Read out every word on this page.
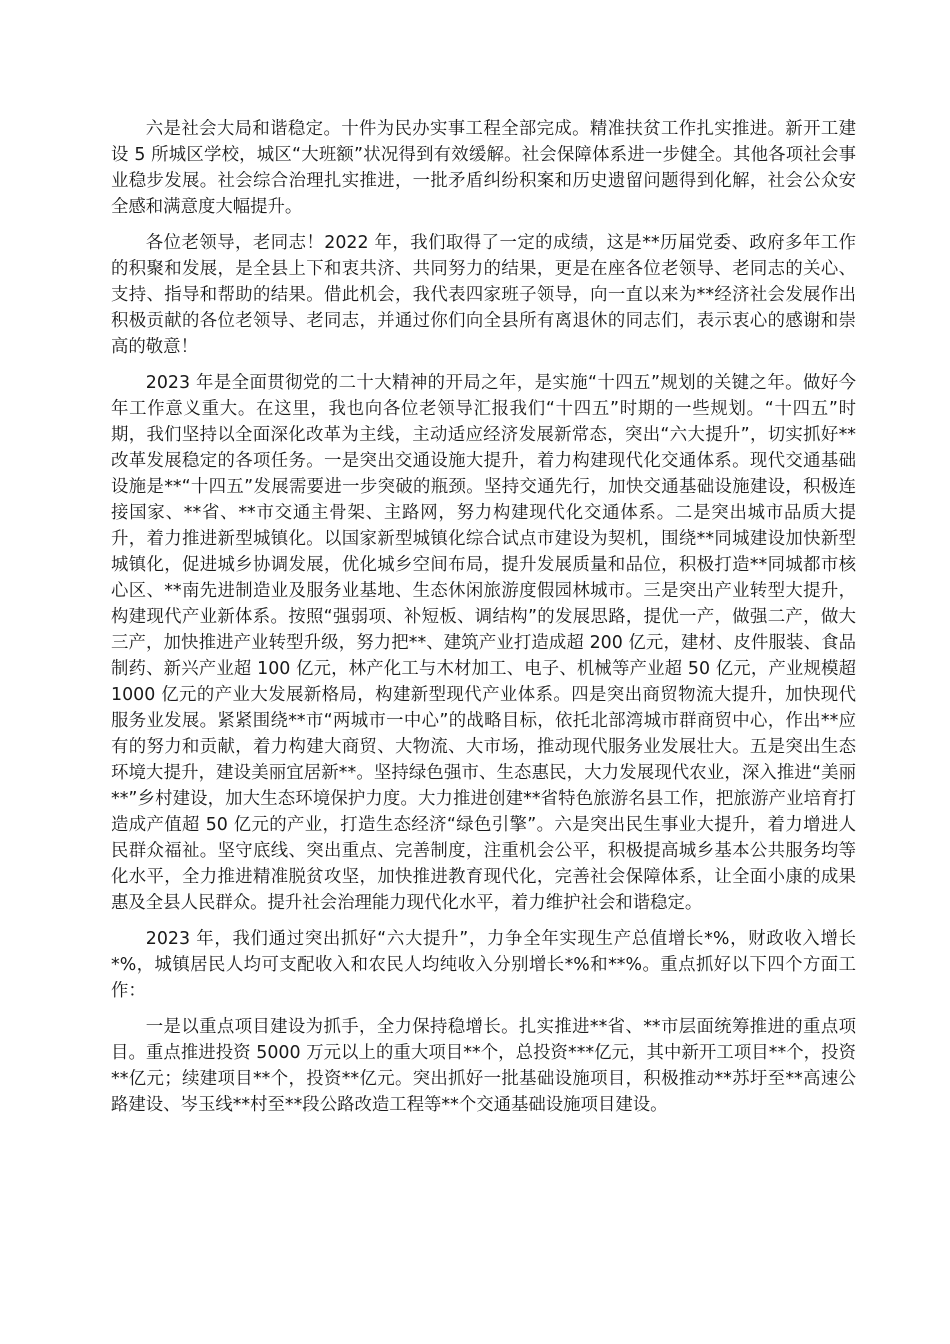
六是社会大局和谐稳定。十件为民办实事工程全部完成。精准扶贫工作扎实推进。新开工建设 5 所城区学校，城区“大班额”状况得到有效缓解。社会保障体系进一步健全。其他各项社会事业稳步发展。社会综合治理扎实推进，一批矛盾纠纷积案和历史遗留问题得到化解，社会公众安全感和满意度大幅提升。

各位老领导，老同志！2022 年，我们取得了一定的成绩，这是**历届党委、政府多年工作的积聚和发展，是全县上下和衷共济、共同努力的结果，更是在座各位老领导、老同志的关心、支持、指导和帮助的结果。借此机会，我代表四家班子领导，向一直以来为**经济社会发展作出积极贡献的各位老领导、老同志，并通过你们向全县所有离退休的同志们，表示衷心的感谢和崇高的敬意！

2023 年是全面贯彻党的二十大精神的开局之年，是实施“十四五”规划的关键之年。做好今年工作意义重大。在这里，我也向各位老领导汇报我们“十四五”时期的一些规划。“十四五”时期，我们坚持以全面深化改革为主线，主动适应经济发展新常态，突出“六大提升”，切实抓好**改革发展稳定的各项任务。一是突出交通设施大提升，着力构建现代化交通体系。现代交通基础设施是**“十四五”发展需要进一步突破的瓶颈。坚持交通先行，加快交通基础设施建设，积极连接国家、**省、**市交通主骨架、主路网，努力构建现代化交通体系。二是突出城市品质大提升，着力推进新型城镇化。以国家新型城镇化综合试点市建设为契机，围绕**同城建设加快新型城镇化，促进城乡协调发展，优化城乡空间布局，提升发展质量和品位，积极打造**同城都市核心区、**南先进制造业及服务业基地、生态休闲旅游度假园林城市。三是突出产业转型大提升，构建现代产业新体系。按照“强弱项、补短板、调结构”的发展思路，提优一产，做强二产，做大三产，加快推进产业转型升级，努力把**、建筑产业打造成超 200 亿元，建材、皮件服装、食品制药、新兴产业超 100 亿元，林产化工与木材加工、电子、机械等产业超 50 亿元，产业规模超 1000 亿元的产业大发展新格局，构建新型现代产业体系。四是突出商贸物流大提升，加快现代服务业发展。紧紧围绕**市“两城市一中心”的战略目标，依托北部湾城市群商贸中心，作出**应有的努力和贡献，着力构建大商贸、大物流、大市场，推动现代服务业发展壮大。五是突出生态环境大提升，建设美丽宜居新**。坚持绿色强市、生态惠民，大力发展现代农业，深入推进“美丽**”乡村建设，加大生态环境保护力度。大力推进创建**省特色旅游名县工作，把旅游产业培育打造成产值超 50 亿元的产业，打造生态经济“绿色引擎”。六是突出民生事业大提升，着力增进人民群众福祉。坚守底线、突出重点、完善制度，注重机会公平，积极提高城乡基本公共服务均等化水平，全力推进精准脱贫攻坚，加快推进教育现代化，完善社会保障体系，让全面小康的成果惠及全县人民群众。提升社会治理能力现代化水平，着力维护社会和谐稳定。

2023 年，我们通过突出抓好“六大提升”，力争全年实现生产总值增长*%，财政收入增长*%，城镇居民人均可支配收入和农民人均纯收入分别增长*%和**%。重点抓好以下四个方面工作：

一是以重点项目建设为抓手，全力保持稳增长。扎实推进**省、**市层面统筹推进的重点项目。重点推进投资 5000 万元以上的重大项目**个，总投资***亿元，其中新开工项目**个，投资**亿元；续建项目**个，投资**亿元。突出抓好一批基础设施项目，积极推动**苏圩至**高速公路建设、岑玉线**村至**段公路改造工程等**个交通基础设施项目建设。
